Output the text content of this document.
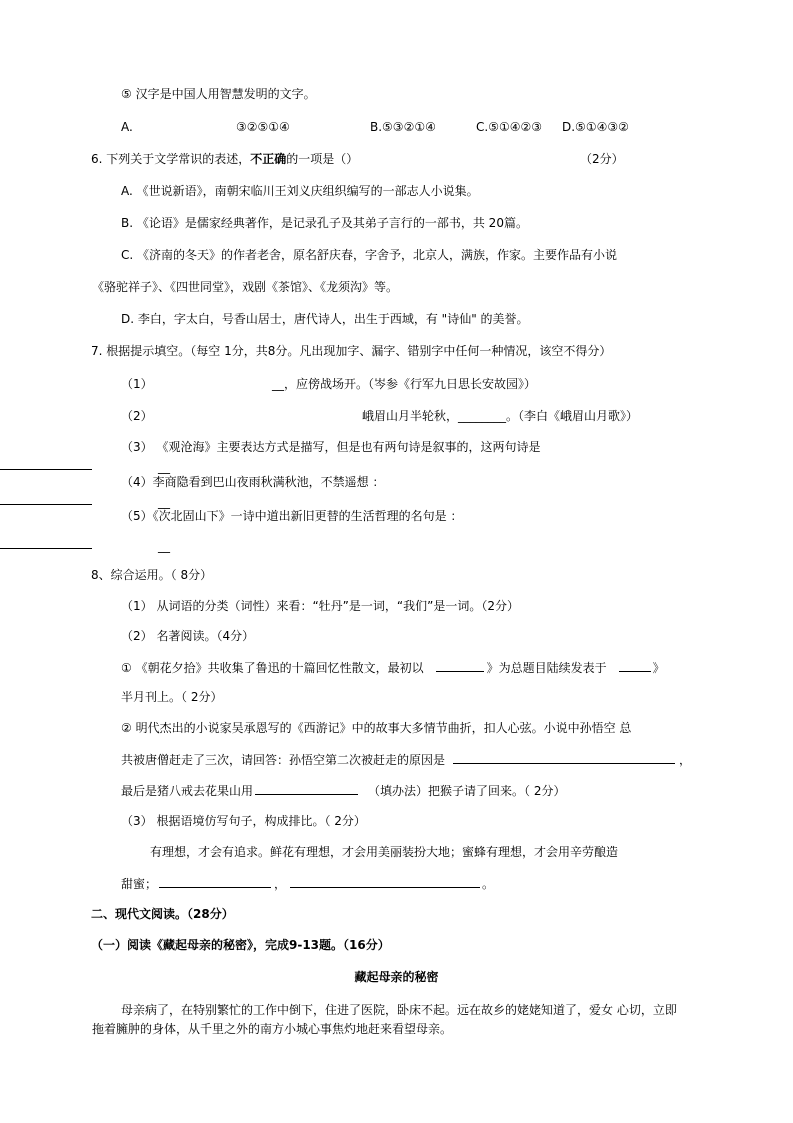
⑤ 汉字是中国人用智慧发明的文字。
A.	③②⑤①④	B.⑤③②①④	C.⑤①④②③ D.⑤①④③②
6. 下列关于文学常识的表述，不正确的一项是（）	（2分）
A. 《世说新语》，南朝宋临川王刘义庆组织编写的一部志人小说集。
B. 《论语》是儒家经典著作，是记录孔子及其弟子言行的一部书，共 20篇。
C. 《济南的冬天》的作者老舍，原名舒庆春，字舍予，北京人，满族，作家。主要作品有小说
《骆驼祥子》、《四世同堂》，戏剧《茶馆》、《龙须沟》等。
D. 李白，字太白，号香山居士，唐代诗人，出生于西域，有 "诗仙" 的美誉。
7. 根据提示填空。（每空 1分，共8分。凡出现加字、漏字、错别字中任何一种情况，该空不得分）
（1）	__，应傍战场开。（岑参《行军九日思长安故园》）
（2）	峨眉山月半轮秋，________。（李白《峨眉山月歌》）
（3） 《观沧海》主要表达方式是描写，但是也有两句诗是叙事的，这两句诗是
__
（4）李商隐看到巴山夜雨秋满秋池，不禁遥想 ：
__
（5）《次北固山下》一诗中道出新旧更替的生活哲理的名句是 ：
__
8、综合运用。（ 8分）
（1） 从词语的分类（词性）来看：“牡丹”是一词，“我们”是一词。（2分）
（2） 名著阅读。（4分）
① 《朝花夕拾》共收集了鲁迅的十篇回忆性散文，最初以	》为总题目陆续发表于	》
半月刊上。（ 2分）
② 明代杰出的小说家吴承恩写的《西游记》中的故事大多情节曲折，扣人心弦。小说中孙悟空 总
共被唐僧赶走了三次，请回答：孙悟空第二次被赶走的原因是	，
最后是猪八戒去花果山用	（填办法）把猴子请了回来。（ 2分）
（3） 根据语境仿写句子，构成排比。（ 2分）
有理想，才会有追求。鲜花有理想，才会用美丽装扮大地；蜜蜂有理想，才会用辛劳酿造
甜蜜；	，	。
二、现代文阅读。（28分）
（一）阅读《藏起母亲的秘密》，完成9-13题。（16分）
藏起母亲的秘密
母亲病了，在特别繁忙的工作中倒下，住进了医院，卧床不起。远在故乡的姥姥知道了，爱女 心切，立即
拖着臃肿的身体，从千里之外的南方小城心事焦灼地赶来看望母亲。
